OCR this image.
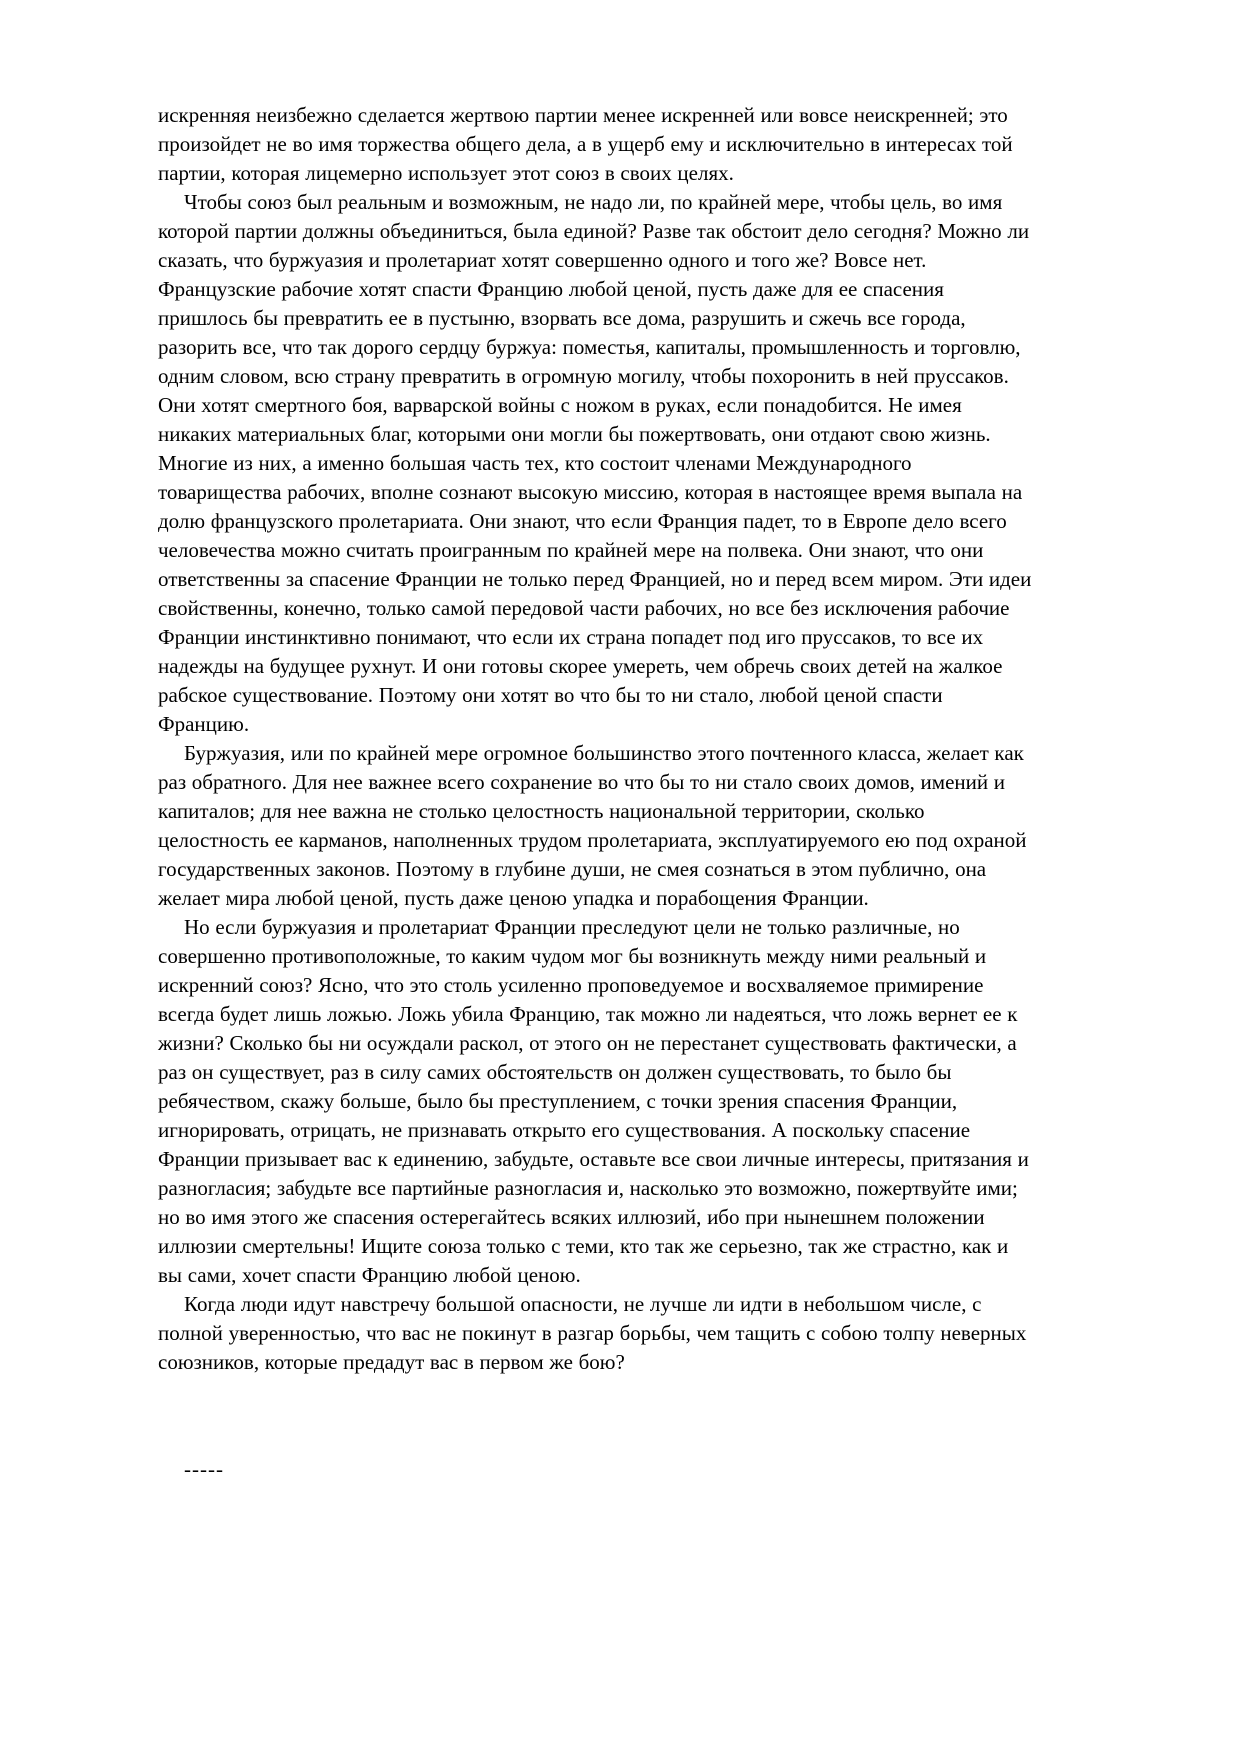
искренняя неизбежно сделается жертвою партии менее искренней или вовсе неискренней; это произойдет не во имя торжества общего дела, а в ущерб ему и исключительно в интересах той партии, которая лицемерно использует этот союз в своих целях.

Чтобы союз был реальным и возможным, не надо ли, по крайней мере, чтобы цель, во имя которой партии должны объединиться, была единой? Разве так обстоит дело сегодня? Можно ли сказать, что буржуазия и пролетариат хотят совершенно одного и того же? Вовсе нет. Французские рабочие хотят спасти Францию любой ценой, пусть даже для ее спасения пришлось бы превратить ее в пустыню, взорвать все дома, разрушить и сжечь все города, разорить все, что так дорого сердцу буржуа: поместья, капиталы, промышленность и торговлю, одним словом, всю страну превратить в огромную могилу, чтобы похоронить в ней пруссаков. Они хотят смертного боя, варварской войны с ножом в руках, если понадобится. Не имея никаких материальных благ, которыми они могли бы пожертвовать, они отдают свою жизнь. Многие из них, а именно большая часть тех, кто состоит членами Международного товарищества рабочих, вполне сознают высокую миссию, которая в настоящее время выпала на долю французского пролетариата. Они знают, что если Франция падет, то в Европе дело всего человечества можно считать проигранным по крайней мере на полвека. Они знают, что они ответственны за спасение Франции не только перед Францией, но и перед всем миром. Эти идеи свойственны, конечно, только самой передовой части рабочих, но все без исключения рабочие Франции инстинктивно понимают, что если их страна попадет под иго пруссаков, то все их надежды на будущее рухнут. И они готовы скорее умереть, чем обречь своих детей на жалкое рабское существование. Поэтому они хотят во что бы то ни стало, любой ценой спасти Францию.

Буржуазия, или по крайней мере огромное большинство этого почтенного класса, желает как раз обратного. Для нее важнее всего сохранение во что бы то ни стало своих домов, имений и капиталов; для нее важна не столько целостность национальной территории, сколько целостность ее карманов, наполненных трудом пролетариата, эксплуатируемого ею под охраной государственных законов. Поэтому в глубине души, не смея сознаться в этом публично, она желает мира любой ценой, пусть даже ценою упадка и порабощения Франции.

Но если буржуазия и пролетариат Франции преследуют цели не только различные, но совершенно противоположные, то каким чудом мог бы возникнуть между ними реальный и искренний союз? Ясно, что это столь усиленно проповедуемое и восхваляемое примирение всегда будет лишь ложью. Ложь убила Францию, так можно ли надеяться, что ложь вернет ее к жизни? Сколько бы ни осуждали раскол, от этого он не перестанет существовать фактически, а раз он существует, раз в силу самих обстоятельств он должен существовать, то было бы ребячеством, скажу больше, было бы преступлением, с точки зрения спасения Франции, игнорировать, отрицать, не признавать открыто его существования. А поскольку спасение Франции призывает вас к единению, забудьте, оставьте все свои личные интересы, притязания и разногласия; забудьте все партийные разногласия и, насколько это возможно, пожертвуйте ими; но во имя этого же спасения остерегайтесь всяких иллюзий, ибо при нынешнем положении иллюзии смертельны! Ищите союза только с теми, кто так же серьезно, так же страстно, как и вы сами, хочет спасти Францию любой ценою.

Когда люди идут навстречу большой опасности, не лучше ли идти в небольшом числе, с полной уверенностью, что вас не покинут в разгар борьбы, чем тащить с собою толпу неверных союзников, которые предадут вас в первом же бою?

-----
